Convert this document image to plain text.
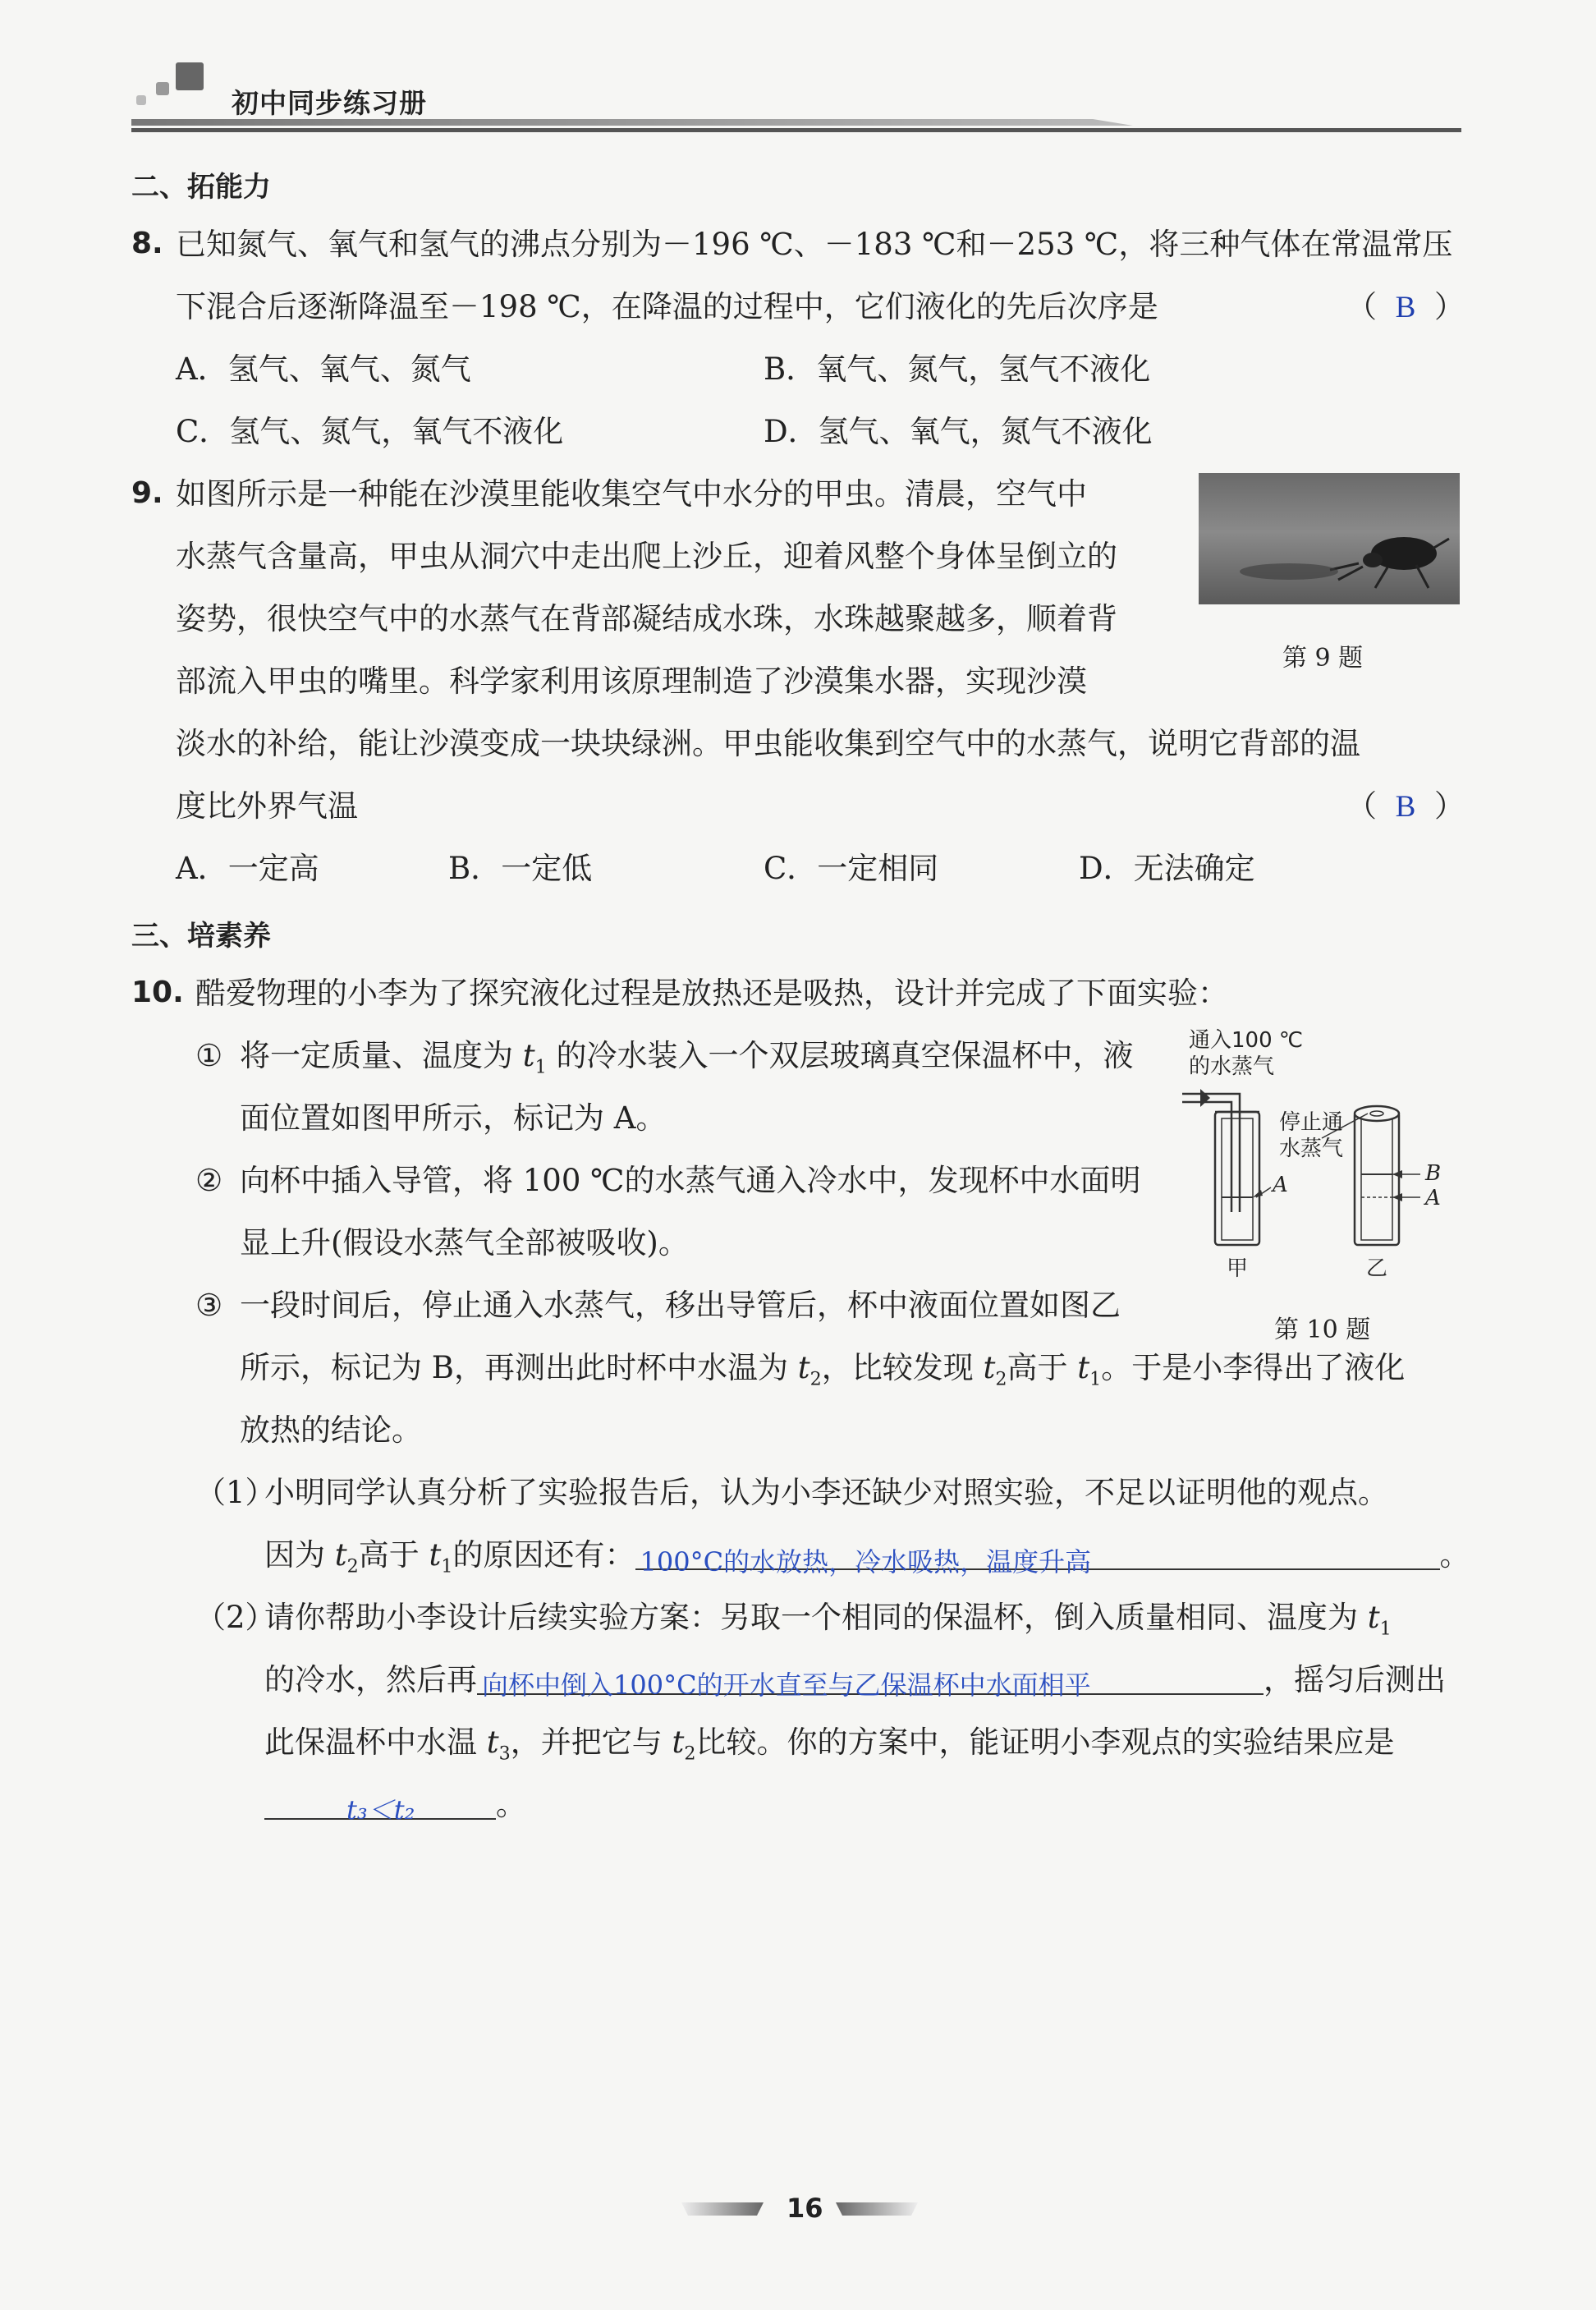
初中同步练习册
二、拓能力
8. 已知氮气、氧气和氢气的沸点分别为－196 ℃、－183 ℃和－253 ℃，将三种气体在常温常压
下混合后逐渐降温至－198 ℃，在降温的过程中，它们液化的先后次序是	（ B ）
A．氢气、氧气、氮气	B．氧气、氮气，氢气不液化
C．氢气、氮气，氧气不液化	D．氢气、氧气，氮气不液化
9. 如图所示是一种能在沙漠里能收集空气中水分的甲虫。清晨，空气中
水蒸气含量高，甲虫从洞穴中走出爬上沙丘，迎着风整个身体呈倒立的
姿势，很快空气中的水蒸气在背部凝结成水珠，水珠越聚越多，顺着背
部流入甲虫的嘴里。科学家利用该原理制造了沙漠集水器，实现沙漠
淡水的补给，能让沙漠变成一块块绿洲。甲虫能收集到空气中的水蒸气，说明它背部的温
度比外界气温	（ B ）
第 9 题
A．一定高	B．一定低	C．一定相同	D．无法确定
三、培素养
10. 酷爱物理的小李为了探究液化过程是放热还是吸热，设计并完成了下面实验：
① 将一定质量、温度为 $t_1$ 的冷水装入一个双层玻璃真空保温杯中，液
面位置如图甲所示，标记为 A。
② 向杯中插入导管，将 100 ℃的水蒸气通入冷水中，发现杯中水面明
显上升(假设水蒸气全部被吸收)。
③ 一段时间后，停止通入水蒸气，移出导管后，杯中液面位置如图乙
所示，标记为 B，再测出此时杯中水温为 $t_2$，比较发现 $t_2$高于 $t_1$。于是小李得出了液化
放热的结论。
通入100 ℃
的水蒸气
停止通
水蒸气
A	B
A
甲	乙
第 10 题
（1）
小明同学认真分析了实验报告后，认为小李还缺少对照实验，不足以证明他的观点。
因为 $t_2$高于 $t_1$的原因还有： 100°C的水放热，冷水吸热，温度升高	。
（2）
请你帮助小李设计后续实验方案：另取一个相同的保温杯，倒入质量相同、温度为 $t_1$
的冷水，然后再 向杯中倒入100°C的开水直至与乙保温杯中水面相平	，摇匀后测出
此保温杯中水温 $t_3$，并把它与 $t_2$比较。你的方案中，能证明小李观点的实验结果应是
t₃＜t₂	。
16
